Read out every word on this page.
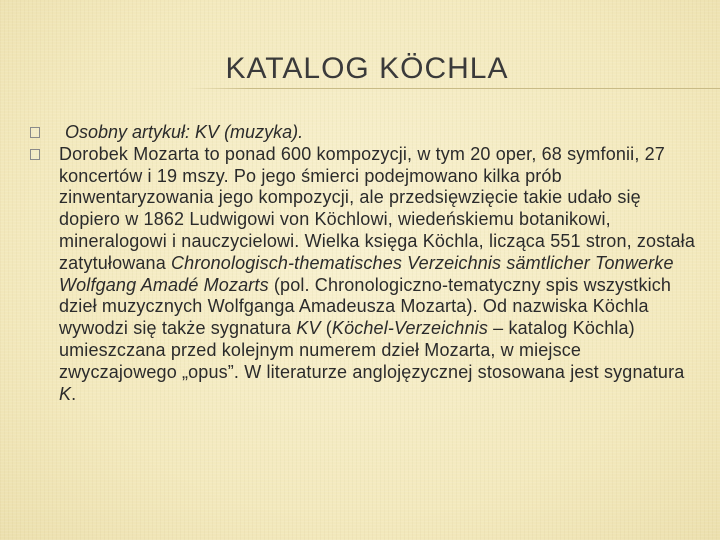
KATALOG KÖCHLA
Osobny artykuł: KV (muzyka).
Dorobek Mozarta to ponad 600 kompozycji, w tym 20 oper, 68 symfonii, 27 koncertów i 19 mszy. Po jego śmierci podejmowano kilka prób zinwentaryzowania jego kompozycji, ale przedsięwzięcie takie udało się dopiero w 1862 Ludwigowi von Köchlowi, wiedeńskiemu botanikowi, mineralogowi i nauczycielowi. Wielka księga Köchla, licząca 551 stron, została zatytułowana Chronologisch-thematisches Verzeichnis sämtlicher Tonwerke Wolfgang Amadé Mozarts (pol. Chronologiczno-tematyczny spis wszystkich dzieł muzycznych Wolfganga Amadeusza Mozarta). Od nazwiska Köchla wywodzi się także sygnatura KV (Köchel-Verzeichnis – katalog Köchla) umieszczana przed kolejnym numerem dzieł Mozarta, w miejsce zwyczajowego „opus”. W literaturze anglojęzycznej stosowana jest sygnatura K.
